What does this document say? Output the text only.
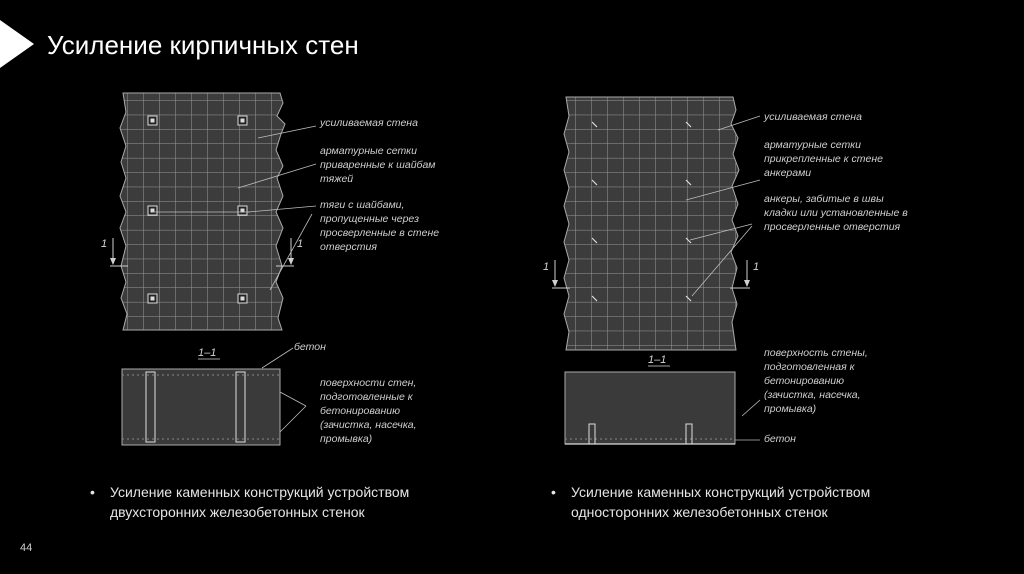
Усиление кирпичных стен
1	1
усиливаемая стена
арматурные сетки
приваренные к шайбам
тяжей
тяги с шайбами,
пропущенные через
просверленные в стене
отверстия
1–1	бетон
поверхности стен,
подготовленные к
бетонированию
(зачистка, насечка,
промывка)
1	1
усиливаемая стена
арматурные сетки
прикрепленные к стене
анкерами
анкеры, забитые в швы
кладки или установленные в
просверленные отверстия
1–1
поверхность стены,
подготовленная к
бетонированию
(зачистка, насечка,
промывка)
бетон
• Усиление каменных конструкций устройством
двухсторонних железобетонных стенок
• Усиление каменных конструкций устройством
односторонних железобетонных стенок
44
